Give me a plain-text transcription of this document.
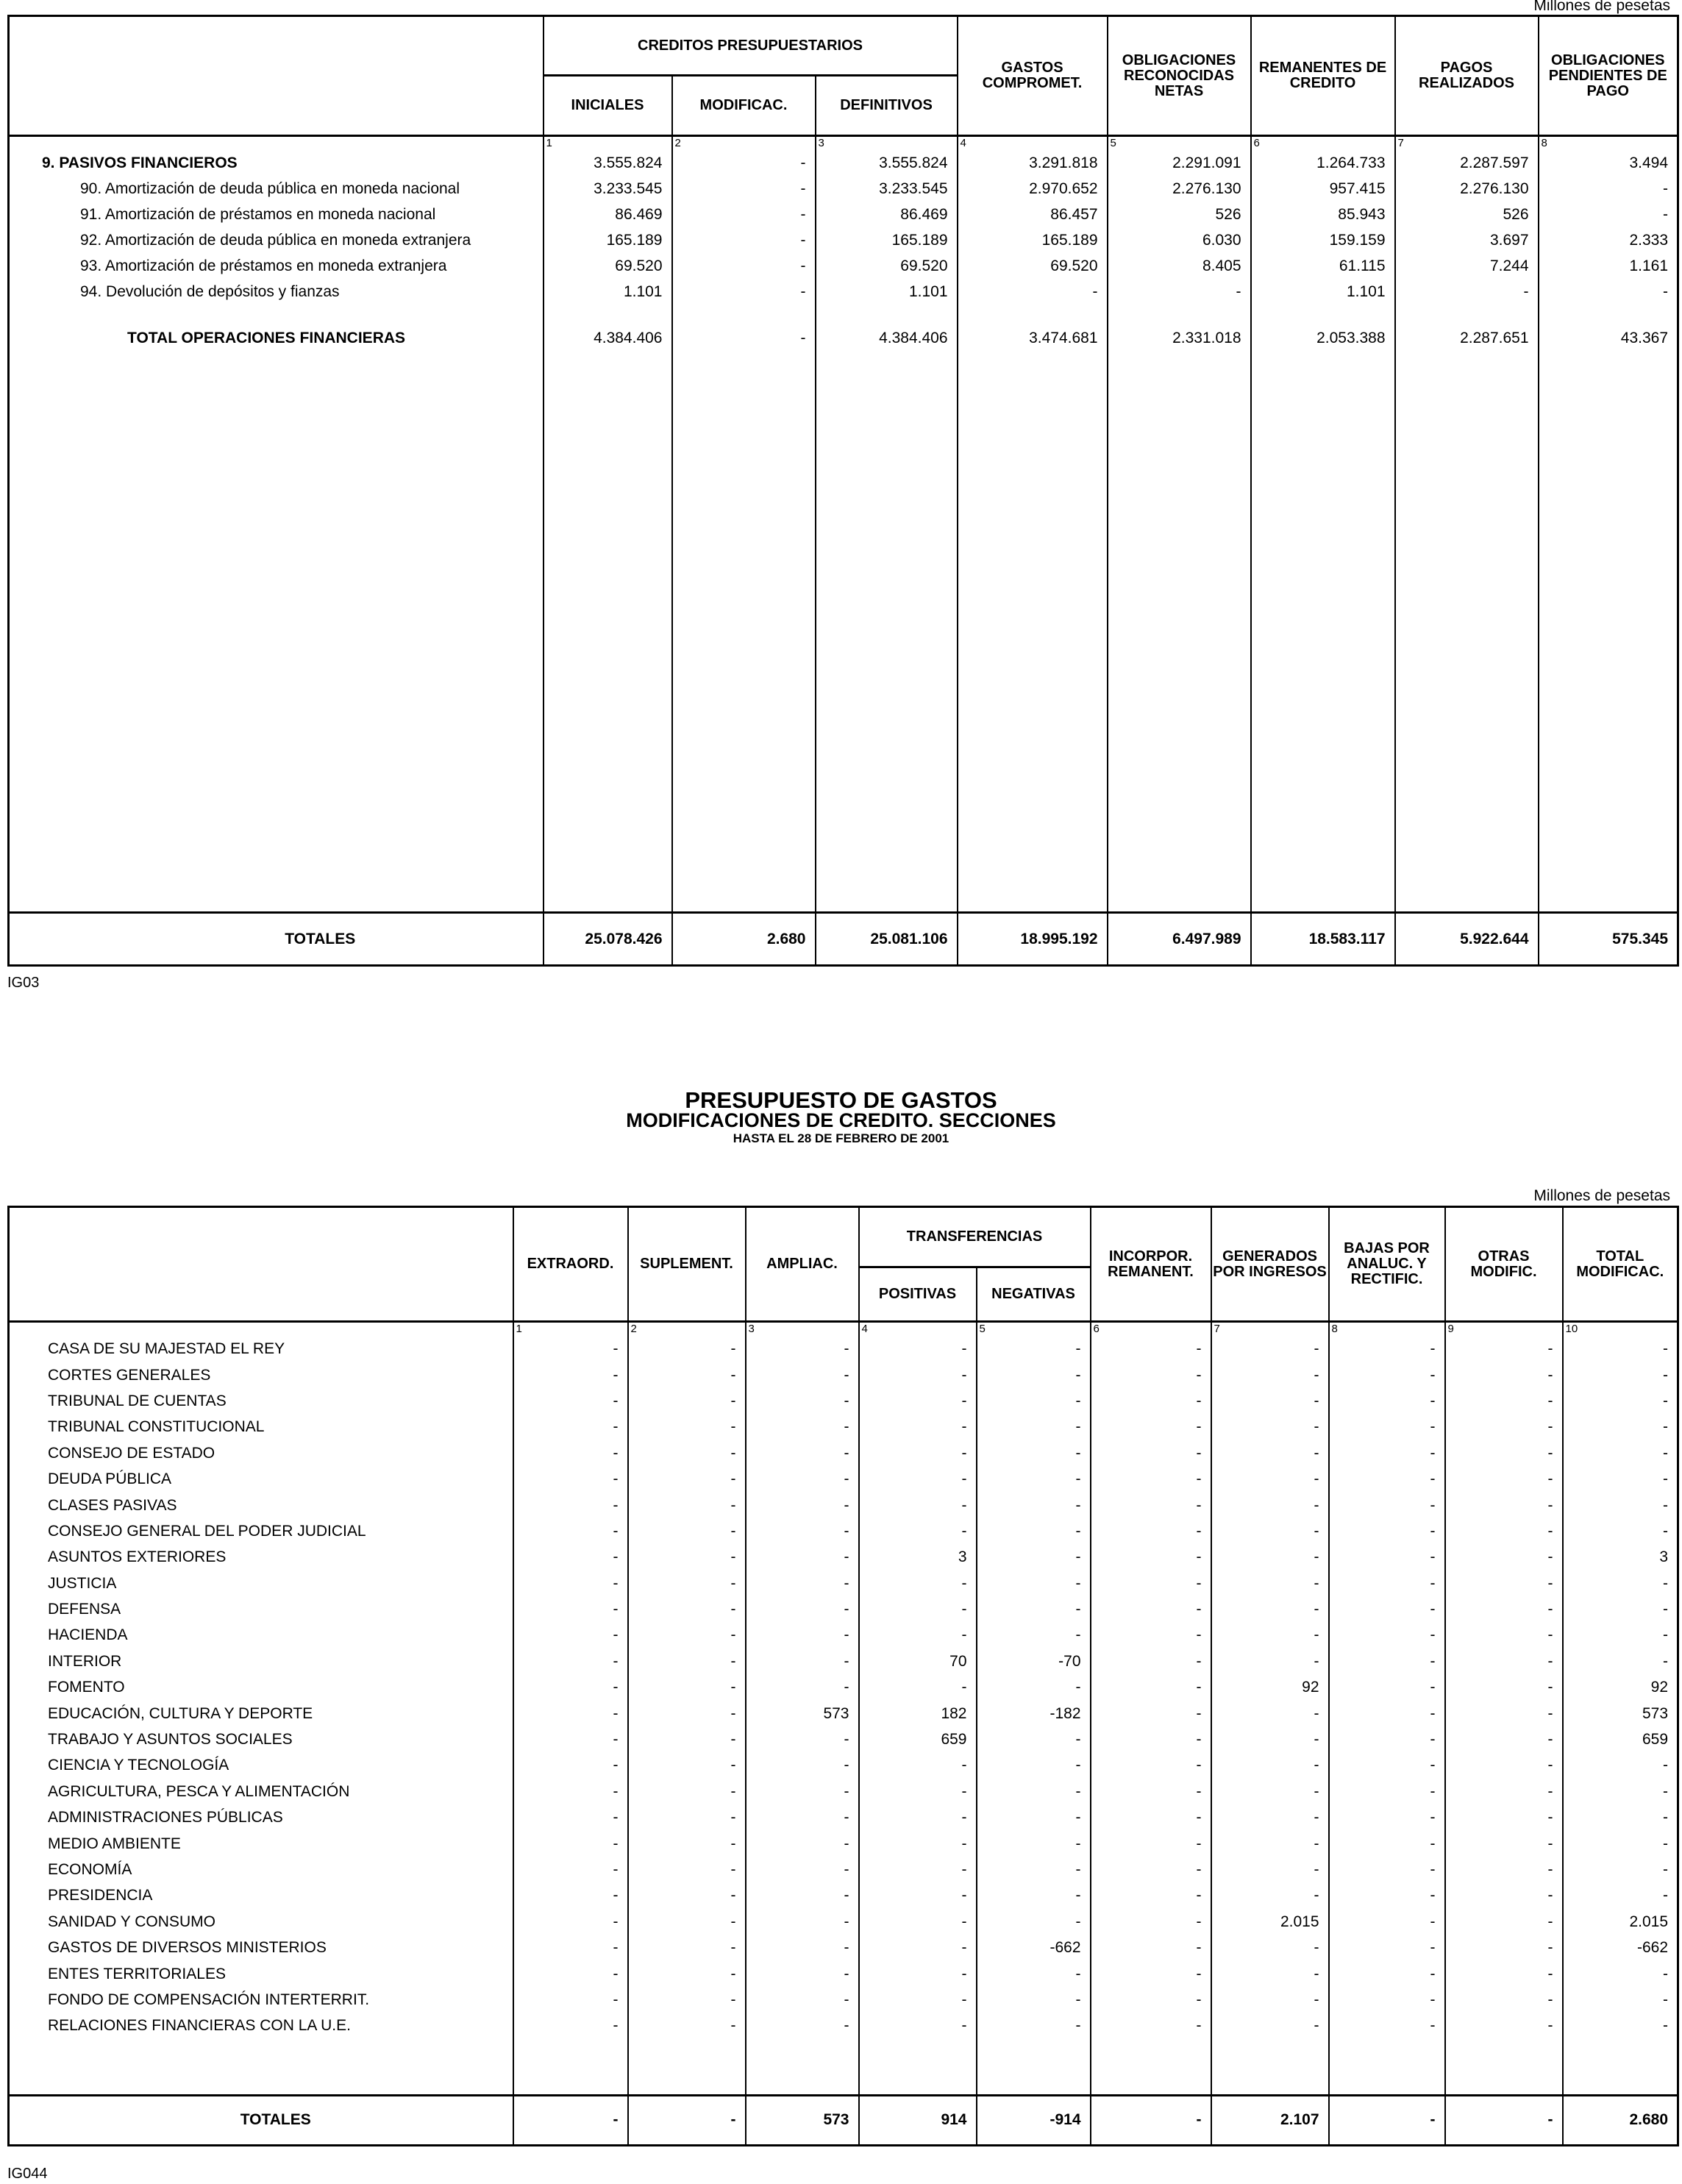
Millones de pesetas
	CREDITOS PRESUPUESTARIOS			GASTOS COMPROMET.	OBLIGACIONES RECONOCIDAS NETAS	REMANENTES DE CREDITO	PAGOS REALIZADOS	OBLIGACIONES PENDIENTES DE PAGO
	INICIALES	MODIFICAC.	DEFINITIVOS					
	1	2	3	4	5	6	7	8
9. PASIVOS FINANCIEROS	3.555.824	-	3.555.824	3.291.818	2.291.091	1.264.733	2.287.597	3.494
90. Amortización de deuda pública en moneda nacional	3.233.545	-	3.233.545	2.970.652	2.276.130	957.415	2.276.130	-
91. Amortización de préstamos en moneda nacional	86.469	-	86.469	86.457	526	85.943	526	-
92. Amortización de deuda pública en moneda extranjera	165.189	-	165.189	165.189	6.030	159.159	3.697	2.333
93. Amortización de préstamos en moneda extranjera	69.520	-	69.520	69.520	8.405	61.115	7.244	1.161
94. Devolución de depósitos y fianzas	1.101	-	1.101	-	-	1.101	-	-

TOTAL OPERACIONES FINANCIERAS	4.384.406	-	4.384.406	3.474.681	2.331.018	2.053.388	2.287.651	43.367

TOTALES	25.078.426	2.680	25.081.106	18.995.192	6.497.989	18.583.117	5.922.644	575.345
IG03
PRESUPUESTO DE GASTOS
MODIFICACIONES DE CREDITO. SECCIONES
HASTA EL 28 DE FEBRERO DE 2001
Millones de pesetas
	EXTRAORD.	SUPLEMENT.	AMPLIAC.	TRANSFERENCIAS		INCORPOR. REMANENT.	GENERADOS POR INGRESOS	BAJAS POR ANALUC. Y RECTIFIC.	OTRAS MODIFIC.	TOTAL MODIFICAC.
				POSITIVAS	NEGATIVAS					
	1	2	3	4	5	6	7	8	9	10
CASA DE SU MAJESTAD EL REY	-	-	-	-	-	-	-	-	-	-
CORTES GENERALES	-	-	-	-	-	-	-	-	-	-
TRIBUNAL DE CUENTAS	-	-	-	-	-	-	-	-	-	-
TRIBUNAL CONSTITUCIONAL	-	-	-	-	-	-	-	-	-	-
CONSEJO DE ESTADO	-	-	-	-	-	-	-	-	-	-
DEUDA PÚBLICA	-	-	-	-	-	-	-	-	-	-
CLASES PASIVAS	-	-	-	-	-	-	-	-	-	-
CONSEJO GENERAL DEL PODER JUDICIAL	-	-	-	-	-	-	-	-	-	-
ASUNTOS EXTERIORES	-	-	-	3	-	-	-	-	-	3
JUSTICIA	-	-	-	-	-	-	-	-	-	-
DEFENSA	-	-	-	-	-	-	-	-	-	-
HACIENDA	-	-	-	-	-	-	-	-	-	-
INTERIOR	-	-	-	70	-70	-	-	-	-	-
FOMENTO	-	-	-	-	-	-	92	-	-	92
EDUCACIÓN, CULTURA Y DEPORTE	-	-	573	182	-182	-	-	-	-	573
TRABAJO Y ASUNTOS SOCIALES	-	-	-	659	-	-	-	-	-	659
CIENCIA Y TECNOLOGÍA	-	-	-	-	-	-	-	-	-	-
AGRICULTURA, PESCA Y ALIMENTACIÓN	-	-	-	-	-	-	-	-	-	-
ADMINISTRACIONES PÚBLICAS	-	-	-	-	-	-	-	-	-	-
MEDIO AMBIENTE	-	-	-	-	-	-	-	-	-	-
ECONOMÍA	-	-	-	-	-	-	-	-	-	-
PRESIDENCIA	-	-	-	-	-	-	-	-	-	-
SANIDAD Y CONSUMO	-	-	-	-	-	-	2.015	-	-	2.015
GASTOS DE DIVERSOS MINISTERIOS	-	-	-	-	-662	-	-	-	-	-662
ENTES TERRITORIALES	-	-	-	-	-	-	-	-	-	-
FONDO DE COMPENSACIÓN INTERTERRIT.	-	-	-	-	-	-	-	-	-	-
RELACIONES FINANCIERAS CON LA U.E.	-	-	-	-	-	-	-	-	-	-

TOTALES	-	-	573	914	-914	-	2.107	-	-	2.680
IG044
